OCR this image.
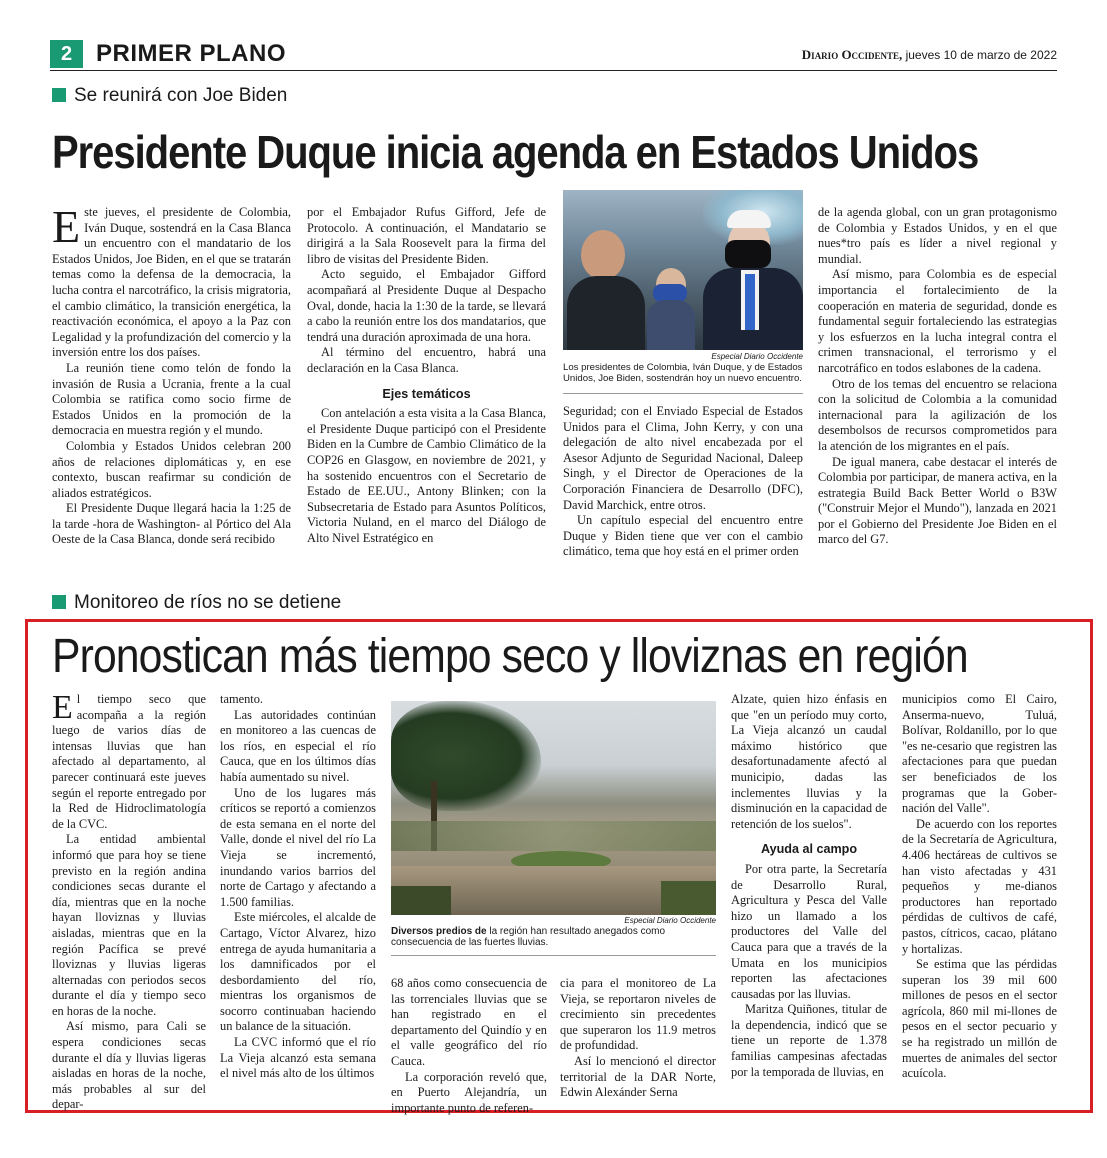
2 PRIMER PLANO	Diario Occidente, jueves 10 de marzo de 2022
Se reunirá con Joe Biden
Presidente Duque inicia agenda en Estados Unidos

Este jueves, el presidente de Colombia, Iván Duque, sostendrá en la Casa Blanca un encuentro con el mandatario de los Estados Unidos, Joe Biden, en el que se tratarán temas como la defensa de la democracia, la lucha contra el narcotráfico, la crisis migratoria, el cambio climático, la transición energética, la reactivación económica, el apoyo a la Paz con Legalidad y la profundización del comercio y la inversión entre los dos países.

La reunión tiene como telón de fondo la invasión de Rusia a Ucrania, frente a la cual Colombia se ratifica como socio firme de Estados Unidos en la promoción de la democracia en muestra región y el mundo.

Colombia y Estados Unidos celebran 200 años de relaciones diplomáticas y, en ese contexto, buscan reafirmar su condición de aliados estratégicos.

El Presidente Duque llegará hacia la 1:25 de la tarde -hora de Washington- al Pórtico del Ala Oeste de la Casa Blanca, donde será recibido

por el Embajador Rufus Gifford, Jefe de Protocolo. A continuación, el Mandatario se dirigirá a la Sala Roosevelt para la firma del libro de visitas del Presidente Biden.

Acto seguido, el Embajador Gifford acompañará al Presidente Duque al Despacho Oval, donde, hacia la 1:30 de la tarde, se llevará a cabo la reunión entre los dos mandatarios, que tendrá una duración aproximada de una hora.

Al término del encuentro, habrá una declaración en la Casa Blanca.

Ejes temáticos

Con antelación a esta visita a la Casa Blanca, el Presidente Duque participó con el Presidente Biden en la Cumbre de Cambio Climático de la COP26 en Glasgow, en noviembre de 2021, y ha sostenido encuentros con el Secretario de Estado de EE.UU., Antony Blinken; con la Subsecretaria de Estado para Asuntos Políticos, Victoria Nuland, en el marco del Diálogo de Alto Nivel Estratégico en

Especial Diario Occidente
Los presidentes de Colombia, Iván Duque, y de Estados Unidos, Joe Biden, sostendrán hoy un nuevo encuentro.

Seguridad; con el Enviado Especial de Estados Unidos para el Clima, John Kerry, y con una delegación de alto nivel encabezada por el Asesor Adjunto de Seguridad Nacional, Daleep Singh, y el Director de Operaciones de la Corporación Financiera de Desarrollo (DFC), David Marchick, entre otros.

Un capítulo especial del encuentro entre Duque y Biden tiene que ver con el cambio climático, tema que hoy está en el primer orden

de la agenda global, con un gran protagonismo de Colombia y Estados Unidos, y en el que nues*tro país es líder a nivel regional y mundial.

Así mismo, para Colombia es de especial importancia el fortalecimiento de la cooperación en materia de seguridad, donde es fundamental seguir fortaleciendo las estrategias y los esfuerzos en la lucha integral contra el crimen transnacional, el terrorismo y el narcotráfico en todos eslabones de la cadena.

Otro de los temas del encuentro se relaciona con la solicitud de Colombia a la comunidad internacional para la agilización de los desembolsos de recursos comprometidos para la atención de los migrantes en el país.

De igual manera, cabe destacar el interés de Colombia por participar, de manera activa, en la estrategia Build Back Better World o B3W ("Construir Mejor el Mundo"), lanzada en 2021 por el Gobierno del Presidente Joe Biden en el marco del G7.

Monitoreo de ríos no se detiene
Pronostican más tiempo seco y lloviznas en región

El tiempo seco que acompaña a la región luego de varios días de intensas lluvias que han afectado al departamento, al parecer continuará este jueves según el reporte entregado por la Red de Hidroclimatología de la CVC.

La entidad ambiental informó que para hoy se tiene previsto en la región andina condiciones secas durante el día, mientras que en la noche hayan lloviznas y lluvias aisladas, mientras que en la región Pacífica se prevé lloviznas y lluvias ligeras alternadas con periodos secos durante el día y tiempo seco en horas de la noche.

Así mismo, para Cali se espera condiciones secas durante el día y lluvias ligeras aisladas en horas de la noche, más probables al sur del depar-

tamento.

Las autoridades continúan en monitoreo a las cuencas de los ríos, en especial el río Cauca, que en los últimos días había aumentado su nivel.

Uno de los lugares más críticos se reportó a comienzos de esta semana en el norte del Valle, donde el nivel del río La Vieja se incrementó, inundando varios barrios del norte de Cartago y afectando a 1.500 familias.

Este miércoles, el alcalde de Cartago, Víctor Alvarez, hizo entrega de ayuda humanitaria a los damnificados por el desbordamiento del río, mientras los organismos de socorro continuaban haciendo un balance de la situación.

La CVC informó que el río La Vieja alcanzó esta semana el nivel más alto de los últimos

Especial Diario Occidente
Diversos predios de la región han resultado anegados como consecuencia de las fuertes lluvias.

68 años como consecuencia de las torrenciales lluvias que se han registrado en el departamento del Quindío y en el valle geográfico del río Cauca.

La corporación reveló que, en Puerto Alejandría, un importante punto de referen-

cia para el monitoreo de La Vieja, se reportaron niveles de crecimiento sin precedentes que superaron los 11.9 metros de profundidad.

Así lo mencionó el director territorial de la DAR Norte, Edwin Alexánder Serna

Alzate, quien hizo énfasis en que "en un período muy corto, La Vieja alcanzó un caudal máximo histórico que desafortunadamente afectó al municipio, dadas las inclementes lluvias y la disminución en la capacidad de retención de los suelos".

Ayuda al campo

Por otra parte, la Secretaría de Desarrollo Rural, Agricultura y Pesca del Valle hizo un llamado a los productores del Valle del Cauca para que a través de la Umata en los municipios reporten las afectaciones causadas por las lluvias.

Maritza Quiñones, titular de la dependencia, indicó que se tiene un reporte de 1.378 familias campesinas afectadas por la temporada de lluvias, en

municipios como El Cairo, Anserma-nuevo, Tuluá, Bolívar, Roldanillo, por lo que "es ne-cesario que registren las afectaciones para que puedan ser beneficiados de los programas que la Gober-nación del Valle".

De acuerdo con los reportes de la Secretaría de Agricultura, 4.406 hectáreas de cultivos se han visto afectadas y 431 pequeños y me-dianos productores han reportado pérdidas de cultivos de café, pastos, cítricos, cacao, plátano y hortalizas.

Se estima que las pérdidas superan los 39 mil 600 millones de pesos en el sector agrícola, 860 mil mi-llones de pesos en el sector pecuario y se ha registrado un millón de muertes de animales del sector acuícola.
